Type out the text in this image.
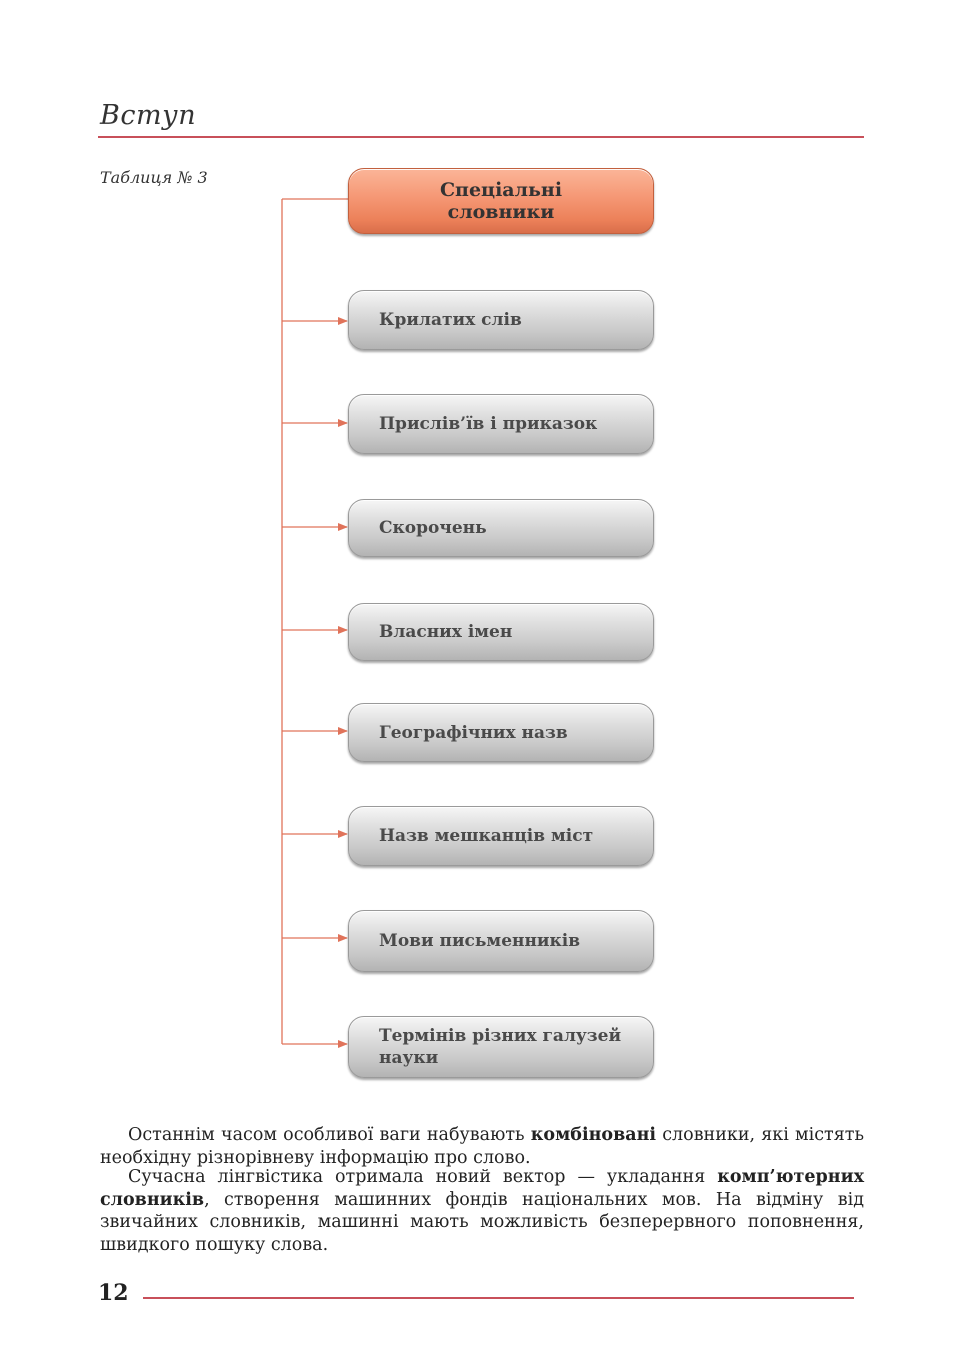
Вступ
Таблиця № 3
Спеціальні
словники
Крилатих слів
Прислів’їв і приказок
Скорочень
Власних імен
Географічних назв
Назв мешканців міст
Мови письменників
Термінів різних галузей
науки
Останнім часом особливої ваги набувають комбіновані словники, які містять необхідну різнорівневу інформацію про слово.
Сучасна лінгвістика отримала новий вектор — укладання комп’ютерних словників, створення машинних фондів національних мов. На відміну від звичайних словників, машинні мають можливість безперервного поповнення, швидкого пошуку слова.
12
